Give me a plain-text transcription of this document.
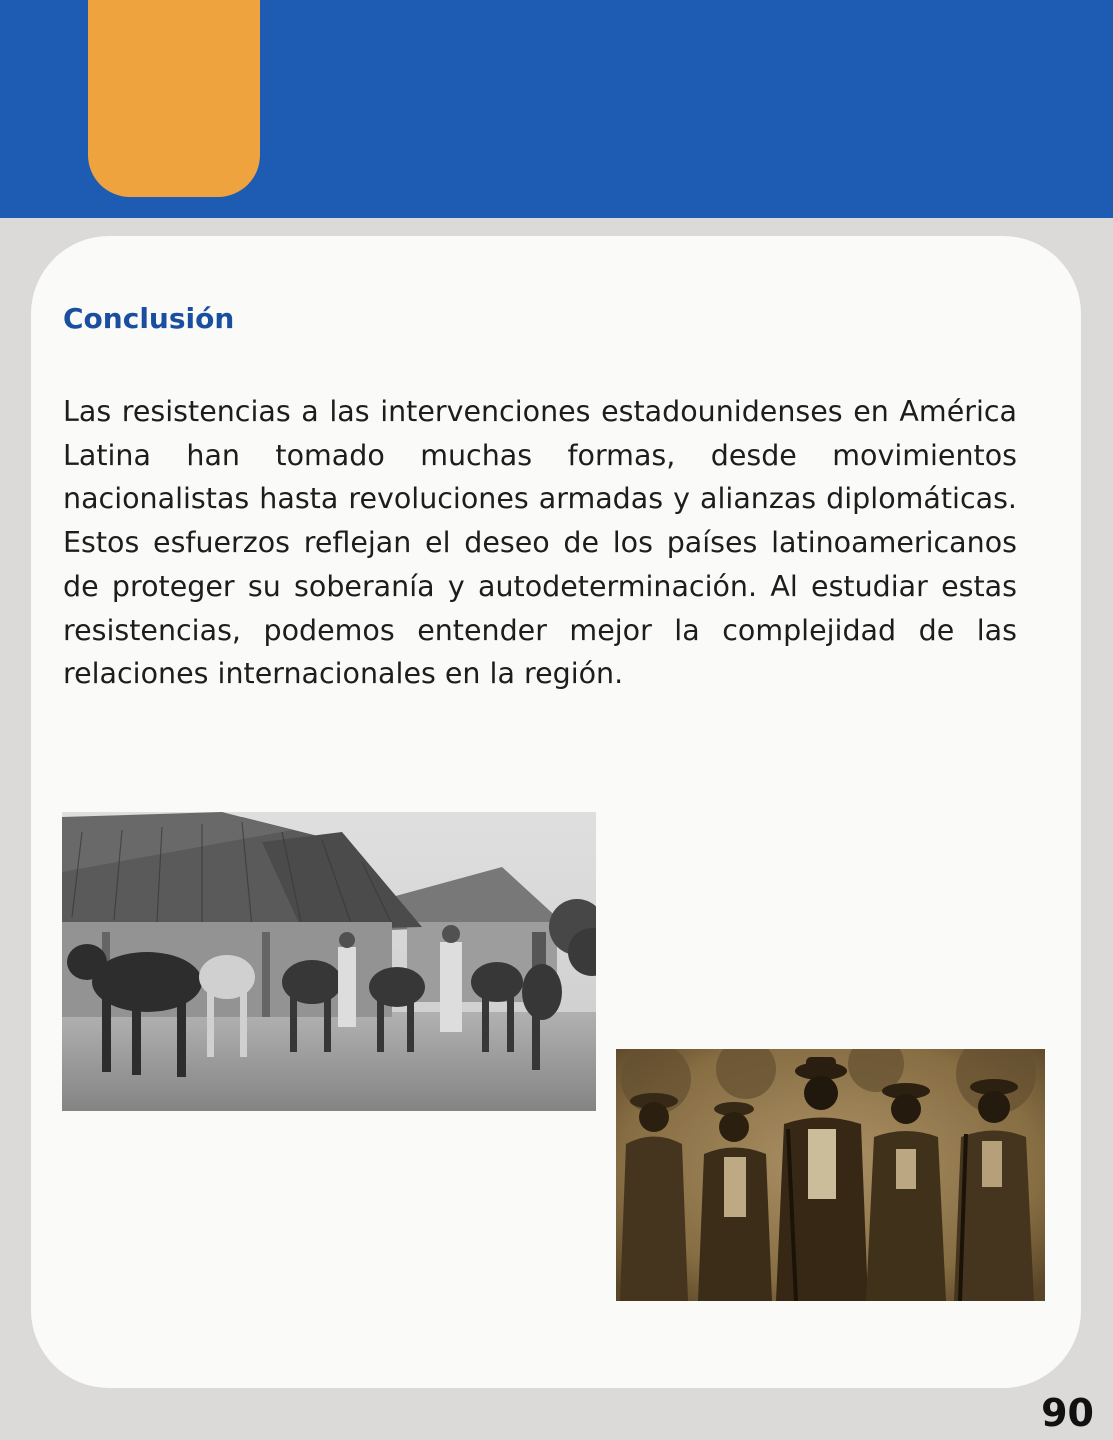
Conclusión

Las resistencias a las intervenciones estadounidenses en América Latina han tomado muchas formas, desde movimientos nacionalistas hasta revoluciones armadas y alianzas diplomáticas. Estos esfuerzos reflejan el deseo de los países latinoamericanos de proteger su soberanía y autodeterminación. Al estudiar estas resistencias, podemos entender mejor la complejidad de las relaciones internacionales en la región.

90
